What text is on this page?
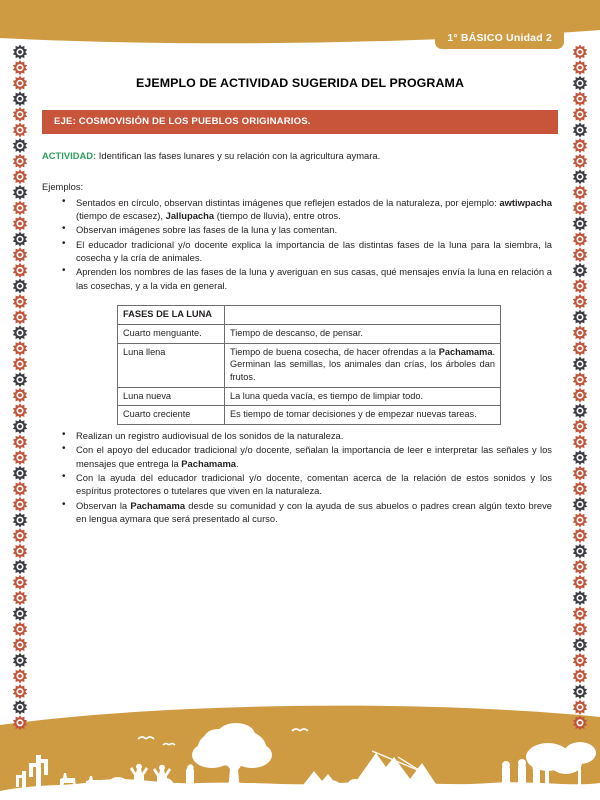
1° BÁSICO Unidad 2
EJEMPLO DE ACTIVIDAD SUGERIDA DEL PROGRAMA
EJE: COSMOVISIÓN DE LOS PUEBLOS ORIGINARIOS.
ACTIVIDAD: Identifican las fases lunares y su relación con la agricultura aymara.
Ejemplos:
• Sentados en círculo, observan distintas imágenes que reflejen estados de la naturaleza, por ejemplo: awtiwpacha (tiempo de escasez), Jallupacha (tiempo de lluvia), entre otros.
• Observan imágenes sobre las fases de la luna y las comentan.
• El educador tradicional y/o docente explica la importancia de las distintas fases de la luna para la siembra, la cosecha y la cría de animales.
• Aprenden los nombres de las fases de la luna y averiguan en sus casas, qué mensajes envía la luna en relación a las cosechas, y a la vida en general.
FASES DE LA LUNA	
Cuarto menguante.	Tiempo de descanso, de pensar.
Luna llena	Tiempo de buena cosecha, de hacer ofrendas a la Pachamama. Germinan las semillas, los animales dan crías, los árboles dan frutos.
Luna nueva	La luna queda vacía, es tiempo de limpiar todo.
Cuarto creciente	Es tiempo de tomar decisiones y de empezar nuevas tareas.
• Realizan un registro audiovisual de los sonidos de la naturaleza.
• Con el apoyo del educador tradicional y/o docente, señalan la importancia de leer e interpretar las señales y los mensajes que entrega la Pachamama.
• Con la ayuda del educador tradicional y/o docente, comentan acerca de la relación de estos sonidos y los espíritus protectores o tutelares que viven en la naturaleza.
• Observan la Pachamama desde su comunidad y con la ayuda de sus abuelos o padres crean algún texto breve en lengua aymara que será presentado al curso.
